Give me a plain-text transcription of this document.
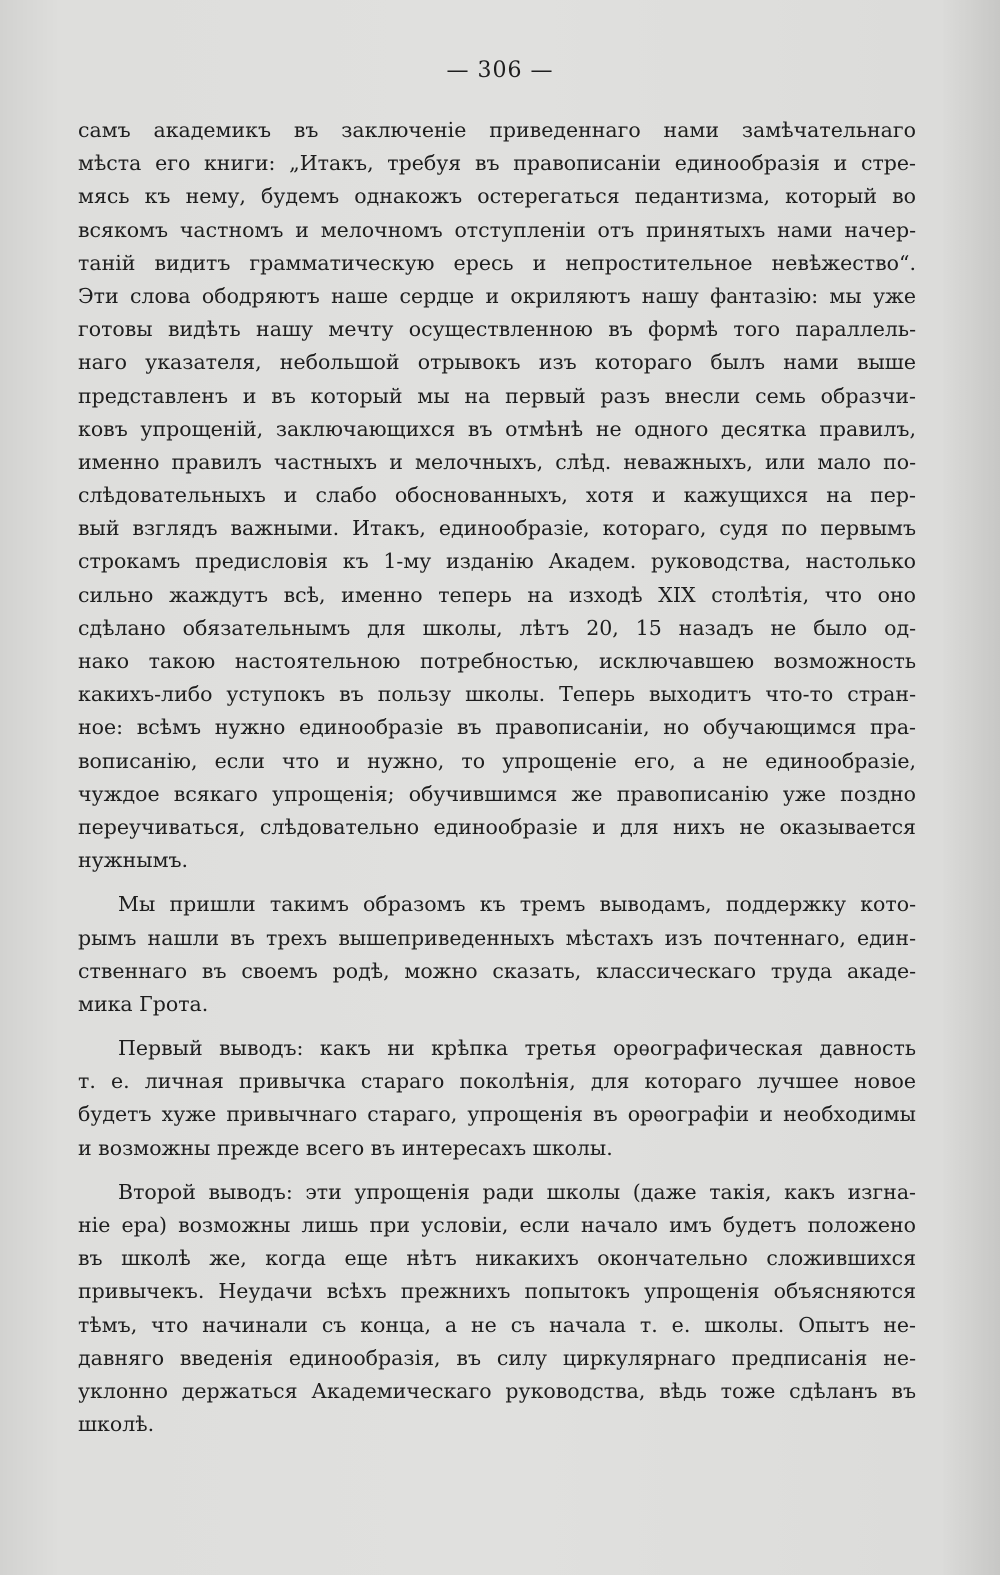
— 306 —
самъ академикъ въ заключеніе приведеннаго нами замѣчательнаго
мѣста его книги: „Итакъ, требуя въ правописаніи единообразія и стре-
мясь къ нему, будемъ однакожъ остерегаться педантизма, который во
всякомъ частномъ и мелочномъ отступленіи отъ принятыхъ нами начер-
таній видитъ грамматическую ересь и непростительное невѣжество“.
Эти слова ободряютъ наше сердце и окриляютъ нашу фантазію: мы уже
готовы видѣть нашу мечту осуществленною въ формѣ того параллель-
наго указателя, небольшой отрывокъ изъ котораго былъ нами выше
представленъ и въ который мы на первый разъ внесли семь образчи-
ковъ упрощеній, заключающихся въ отмѣнѣ не одного десятка правилъ,
именно правилъ частныхъ и мелочныхъ, слѣд. неважныхъ, или мало по-
слѣдовательныхъ и слабо обоснованныхъ, хотя и кажущихся на пер-
вый взглядъ важными. Итакъ, единообразіе, котораго, судя по первымъ
строкамъ предисловія къ 1-му изданію Академ. руководства, настолько
сильно жаждутъ всѣ, именно теперь на изходѣ XIX столѣтія, что оно
сдѣлано обязательнымъ для школы, лѣтъ 20, 15 назадъ не было од-
нако такою настоятельною потребностью, исключавшею возможность
какихъ-либо уступокъ въ пользу школы. Теперь выходитъ что-то стран-
ное: всѣмъ нужно единообразіе въ правописаніи, но обучающимся пра-
вописанію, если что и нужно, то упрощеніе его, а не единообразіе,
чуждое всякаго упрощенія; обучившимся же правописанію уже поздно
переучиваться, слѣдовательно единообразіе и для нихъ не оказывается
нужнымъ.
Мы пришли такимъ образомъ къ тремъ выводамъ, поддержку кото-
рымъ нашли въ трехъ вышеприведенныхъ мѣстахъ изъ почтеннаго, един-
ственнаго въ своемъ родѣ, можно сказать, классическаго труда акаде-
мика Грота.
Первый выводъ: какъ ни крѣпка третья орѳографическая давность
т. е. личная привычка стараго поколѣнія, для котораго лучшее новое
будетъ хуже привычнаго стараго, упрощенія въ орѳографіи и необходимы
и возможны прежде всего въ интересахъ школы.
Второй выводъ: эти упрощенія ради школы (даже такія, какъ изгна-
ніе ера) возможны лишь при условіи, если начало имъ будетъ положено
въ школѣ же, когда еще нѣтъ никакихъ окончательно сложившихся
привычекъ. Неудачи всѣхъ прежнихъ попытокъ упрощенія объясняются
тѣмъ, что начинали съ конца, а не съ начала т. е. школы. Опытъ не-
давняго введенія единообразія, въ силу циркулярнаго предписанія не-
уклонно держаться Академическаго руководства, вѣдь тоже сдѣланъ въ
школѣ.
